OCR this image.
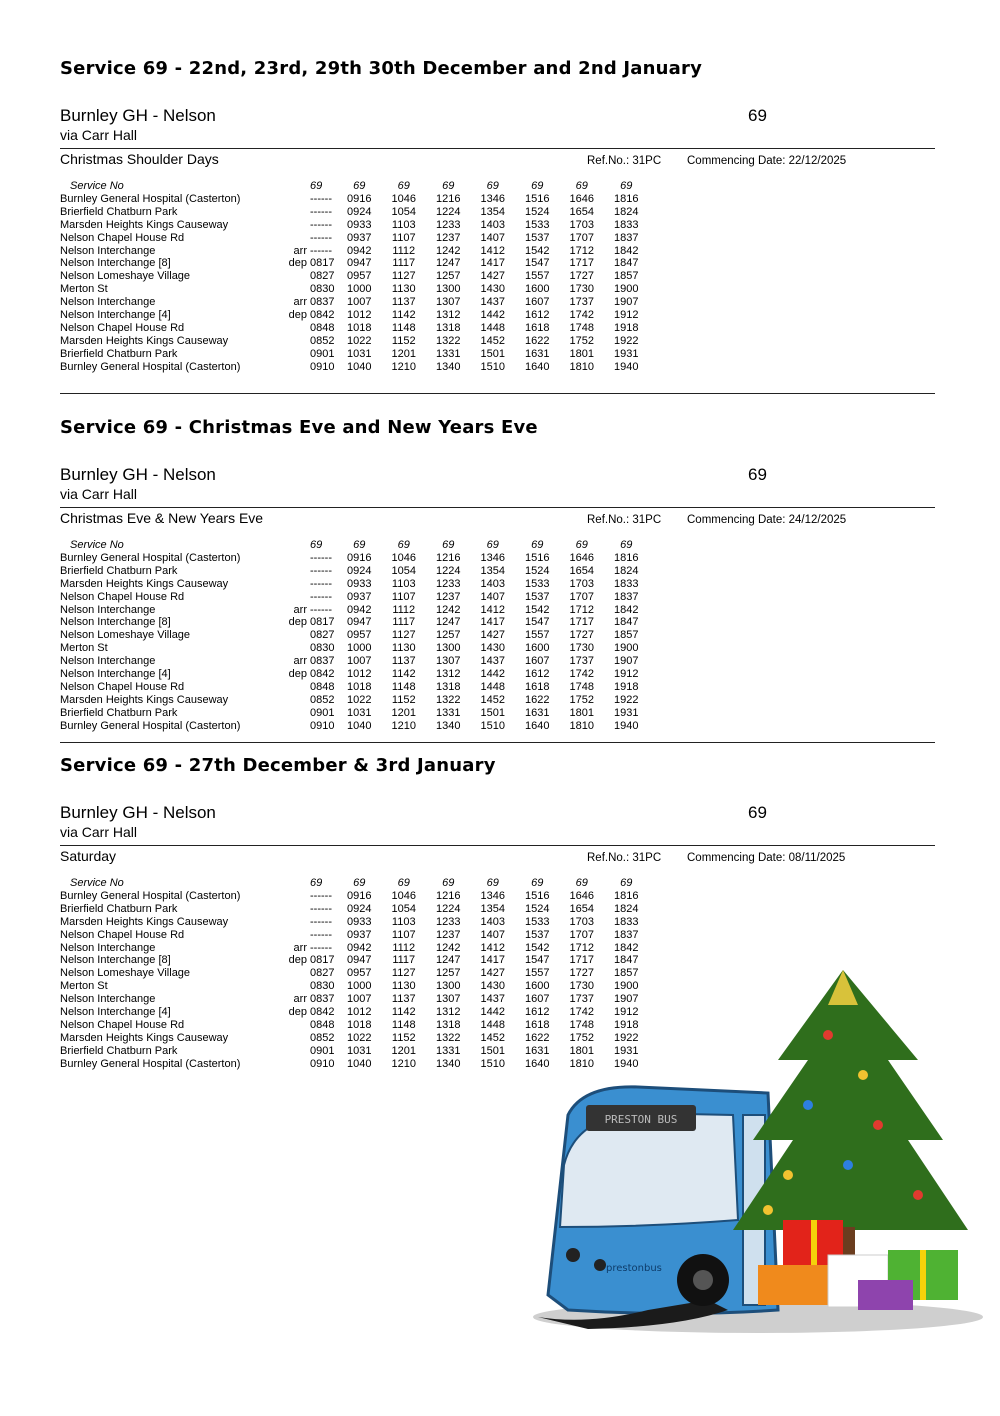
Service 69 - 22nd, 23rd, 29th 30th December and 2nd January
Burnley GH - Nelson
via Carr Hall
69
Christmas Shoulder Days	Ref.No.: 31PC Commencing Date: 22/12/2025
Service No		69	69	69	69	69	69	69	69
Burnley General Hospital (Casterton)		------	0916	1046	1216	1346	1516	1646	1816
Brierfield Chatburn Park		------	0924	1054	1224	1354	1524	1654	1824
Marsden Heights Kings Causeway		------	0933	1103	1233	1403	1533	1703	1833
Nelson Chapel House Rd		------	0937	1107	1237	1407	1537	1707	1837
Nelson Interchange	arr	------	0942	1112	1242	1412	1542	1712	1842
Nelson Interchange [8]	dep	0817	0947	1117	1247	1417	1547	1717	1847
Nelson Lomeshaye Village		0827	0957	1127	1257	1427	1557	1727	1857
Merton St		0830	1000	1130	1300	1430	1600	1730	1900
Nelson Interchange	arr	0837	1007	1137	1307	1437	1607	1737	1907
Nelson Interchange [4]	dep	0842	1012	1142	1312	1442	1612	1742	1912
Nelson Chapel House Rd		0848	1018	1148	1318	1448	1618	1748	1918
Marsden Heights Kings Causeway		0852	1022	1152	1322	1452	1622	1752	1922
Brierfield Chatburn Park		0901	1031	1201	1331	1501	1631	1801	1931
Burnley General Hospital (Casterton)		0910	1040	1210	1340	1510	1640	1810	1940
Service 69 - Christmas Eve and New Years Eve
Burnley GH - Nelson
via Carr Hall
69
Christmas Eve & New Years Eve	Ref.No.: 31PC Commencing Date: 24/12/2025
Service No		69	69	69	69	69	69	69	69
Burnley General Hospital (Casterton)		------	0916	1046	1216	1346	1516	1646	1816
Brierfield Chatburn Park		------	0924	1054	1224	1354	1524	1654	1824
Marsden Heights Kings Causeway		------	0933	1103	1233	1403	1533	1703	1833
Nelson Chapel House Rd		------	0937	1107	1237	1407	1537	1707	1837
Nelson Interchange	arr	------	0942	1112	1242	1412	1542	1712	1842
Nelson Interchange [8]	dep	0817	0947	1117	1247	1417	1547	1717	1847
Nelson Lomeshaye Village		0827	0957	1127	1257	1427	1557	1727	1857
Merton St		0830	1000	1130	1300	1430	1600	1730	1900
Nelson Interchange	arr	0837	1007	1137	1307	1437	1607	1737	1907
Nelson Interchange [4]	dep	0842	1012	1142	1312	1442	1612	1742	1912
Nelson Chapel House Rd		0848	1018	1148	1318	1448	1618	1748	1918
Marsden Heights Kings Causeway		0852	1022	1152	1322	1452	1622	1752	1922
Brierfield Chatburn Park		0901	1031	1201	1331	1501	1631	1801	1931
Burnley General Hospital (Casterton)		0910	1040	1210	1340	1510	1640	1810	1940
Service 69 - 27th December & 3rd January
Burnley GH - Nelson
via Carr Hall
69
Saturday	Ref.No.: 31PC Commencing Date: 08/11/2025
Service No		69	69	69	69	69	69	69	69
Burnley General Hospital (Casterton)		------	0916	1046	1216	1346	1516	1646	1816
Brierfield Chatburn Park		------	0924	1054	1224	1354	1524	1654	1824
Marsden Heights Kings Causeway		------	0933	1103	1233	1403	1533	1703	1833
Nelson Chapel House Rd		------	0937	1107	1237	1407	1537	1707	1837
Nelson Interchange	arr	------	0942	1112	1242	1412	1542	1712	1842
Nelson Interchange [8]	dep	0817	0947	1117	1247	1417	1547	1717	1847
Nelson Lomeshaye Village		0827	0957	1127	1257	1427	1557	1727	1857
Merton St		0830	1000	1130	1300	1430	1600	1730	1900
Nelson Interchange	arr	0837	1007	1137	1307	1437	1607	1737	1907
Nelson Interchange [4]	dep	0842	1012	1142	1312	1442	1612	1742	1912
Nelson Chapel House Rd		0848	1018	1148	1318	1448	1618	1748	1918
Marsden Heights Kings Causeway		0852	1022	1152	1322	1452	1622	1752	1922
Brierfield Chatburn Park		0901	1031	1201	1331	1501	1631	1801	1931
Burnley General Hospital (Casterton)		0910	1040	1210	1340	1510	1640	1810	1940
PRESTON BUS
prestonbus
